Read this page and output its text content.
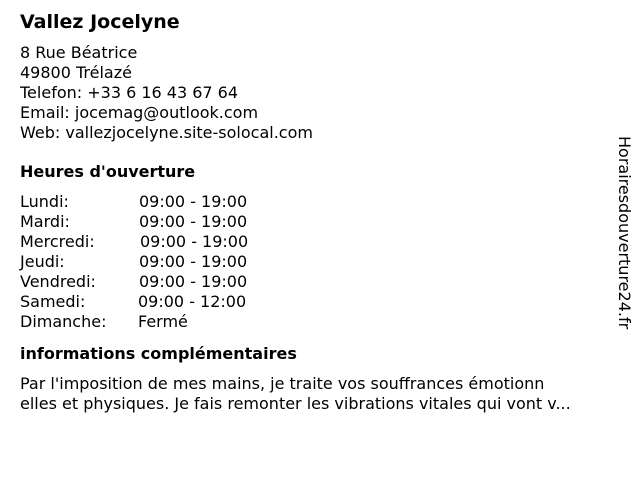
Vallez Jocelyne
8 Rue Béatrice
49800 Trélazé
Telefon: +33 6 16 43 67 64
Email: jocemag@outlook.com
Web: vallezjocelyne.site-solocal.com
Heures d'ouverture
Lundi:	09:00 - 19:00
Mardi:	09:00 - 19:00
Mercredi:	09:00 - 19:00
Jeudi:	09:00 - 19:00
Vendredi:	09:00 - 19:00
Samedi:	09:00 - 12:00
Dimanche: Fermé
informations complémentaires
Par l'imposition de mes mains, je traite vos souffrances émotionn
elles et physiques. Je fais remonter les vibrations vitales qui vont v...
Horairesdouverture24.fr
